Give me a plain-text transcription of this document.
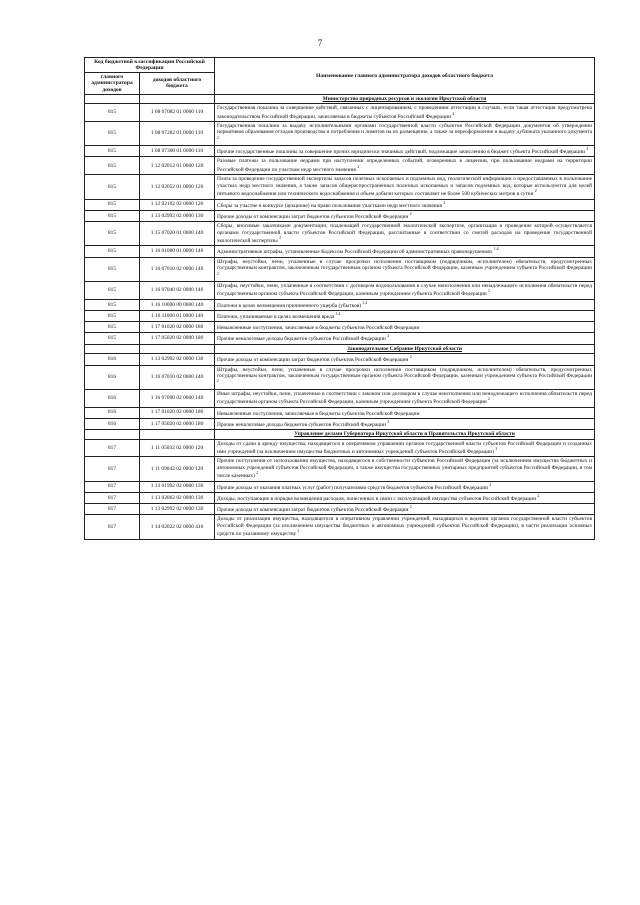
7
Код бюджетной классификации Российской Федерации		Наименование главного администратора доходов областного бюджета
главного администратора доходов	доходов областного бюджета	
		Министерство природных ресурсов и экологии Иркутской области
815	1 08 07082 01 0000 110	Государственная пошлина за совершение действий, связанных с лицензированием, с проведением аттестации в случаях, если такая аттестация предусмотрена законодательством Российской Федерации, зачисляемая в бюджеты субъектов Российской Федерации $^2$
815	1 08 07282 01 0000 110	Государственная пошлина за выдачу исполнительными органами государственной власти субъектов Российской Федерации документов об утверждении нормативов образования отходов производства и потребления и лимитов на их размещение, а также за переоформление и выдачу дубликата указанного документа $^2$
815	1 08 07300 01 0000 110	Прочие государственные пошлины за совершение прочих юридически значимых действий, подлежащие зачислению в бюджет субъекта Российской Федерации $^2$
815	1 12 02012 01 0000 120	Разовые платежи за пользование недрами при наступлении определенных событий, оговоренных в лицензии, при пользовании недрами на территории Российской Федерации по участкам недр местного значения $^2$
815	1 12 02052 01 0000 120	Плата за проведение государственной экспертизы запасов полезных ископаемых и подземных вод, геологической информации о предоставляемых в пользование участках недр местного значения, а также запасов общераспространенных полезных ископаемых и запасов подземных вод, которые используются для целей питьевого водоснабжения или технического водоснабжения и объем добычи которых составляет не более 500 кубических метров в сутки $^2$
815	1 12 02102 02 0000 120	Сборы за участие в конкурсе (аукционе) на право пользования участками недр местного значения $^2$
815	1 13 02992 02 0000 130	Прочие доходы от компенсации затрат бюджетов субъектов Российской Федерации $^2$
815	1 15 07020 01 0000 140	Сборы, вносимые заказчиками документации, подлежащей государственной экологической экспертизе, организация и проведение которой осуществляется органами государственной власти субъектов Российской Федерации, рассчитанные в соответствии со сметой расходов на проведение государственной экологической экспертизы $^2$
815	1 16 01000 01 0000 140	Административные штрафы, установленные Кодексом Российской Федерации об административных правонарушениях $^{1,4}$
815	1 16 07010 02 0000 140	Штрафы, неустойки, пени, уплаченные в случае просрочки исполнения поставщиком (подрядчиком, исполнителем) обязательств, предусмотренных государственным контрактом, заключенным государственным органом субъекта Российской Федерации, казенным учреждением субъекта Российской Федерации $^2$
815	1 16 07040 02 0000 140	Штрафы, неустойки, пени, уплаченные в соответствии с договором водопользования в случае неисполнения или ненадлежащего исполнения обязательств перед государственным органом субъекта Российской Федерации, казенным учреждением субъекта Российской Федерации $^2$
815	1 16 10000 00 0000 140	Платежи в целях возмещения причиненного ущерба (убытков) $^{1,4}$
815	1 16 11000 01 0000 140	Платежи, уплачиваемые в целях возмещения вреда $^{1,4}$
815	1 17 01020 02 0000 180	Невыясненные поступления, зачисляемые в бюджеты субъектов Российской Федерации
815	1 17 05020 02 0000 180	Прочие неналоговые доходы бюджетов субъектов Российской Федерации $^2$
		Законодательное Собрание Иркутской области
816	1 13 02992 02 0000 130	Прочие доходы от компенсации затрат бюджетов субъектов Российской Федерации $^2$
816	1 16 07010 02 0000 140	Штрафы, неустойки, пени, уплаченные в случае просрочки исполнения поставщиком (подрядчиком, исполнителем) обязательств, предусмотренных государственным контрактом, заключенным государственным органом субъекта Российской Федерации, казенным учреждением субъекта Российской Федерации $^2$
816	1 16 07090 02 0000 140	Иные штрафы, неустойки, пени, уплаченные в соответствии с законом или договором в случае неисполнения или ненадлежащего исполнения обязательств перед государственным органом субъекта Российской Федерации, казенным учреждением субъекта Российской Федерации $^2$
816	1 17 01020 02 0000 180	Невыясненные поступления, зачисляемые в бюджеты субъектов Российской Федерации
816	1 17 05020 02 0000 180	Прочие неналоговые доходы бюджетов субъектов Российской Федерации $^2$
		Управление делами Губернатора Иркутской области и Правительства Иркутской области
817	1 11 05032 02 0000 120	Доходы от сдачи в аренду имущества, находящегося в оперативном управлении органов государственной власти субъектов Российской Федерации и созданных ими учреждений (за исключением имущества бюджетных и автономных учреждений субъектов Российской Федерации) $^2$
817	1 11 09042 02 0000 120	Прочие поступления от использования имущества, находящегося в собственности субъектов Российской Федерации (за исключением имущества бюджетных и автономных учреждений субъектов Российской Федерации, а также имущества государственных унитарных предприятий субъектов Российской Федерации, в том числе казенных) $^2$
817	1 13 01992 02 0000 130	Прочие доходы от оказания платных услуг (работ) получателями средств бюджетов субъектов Российской Федерации $^2$
817	1 13 02062 02 0000 130	Доходы, поступающие в порядке возмещения расходов, понесенных в связи с эксплуатацией имущества субъектов Российской Федерации $^2$
817	1 13 02992 02 0000 130	Прочие доходы от компенсации затрат бюджетов субъектов Российской Федерации $^2$
817	1 14 02022 02 0000 410	Доходы от реализации имущества, находящегося в оперативном управлении учреждений, находящихся в ведении органов государственной власти субъектов Российской Федерации (за исключением имущества бюджетных и автономных учреждений субъектов Российской Федерации), в части реализации основных средств по указанному имуществу $^2$
